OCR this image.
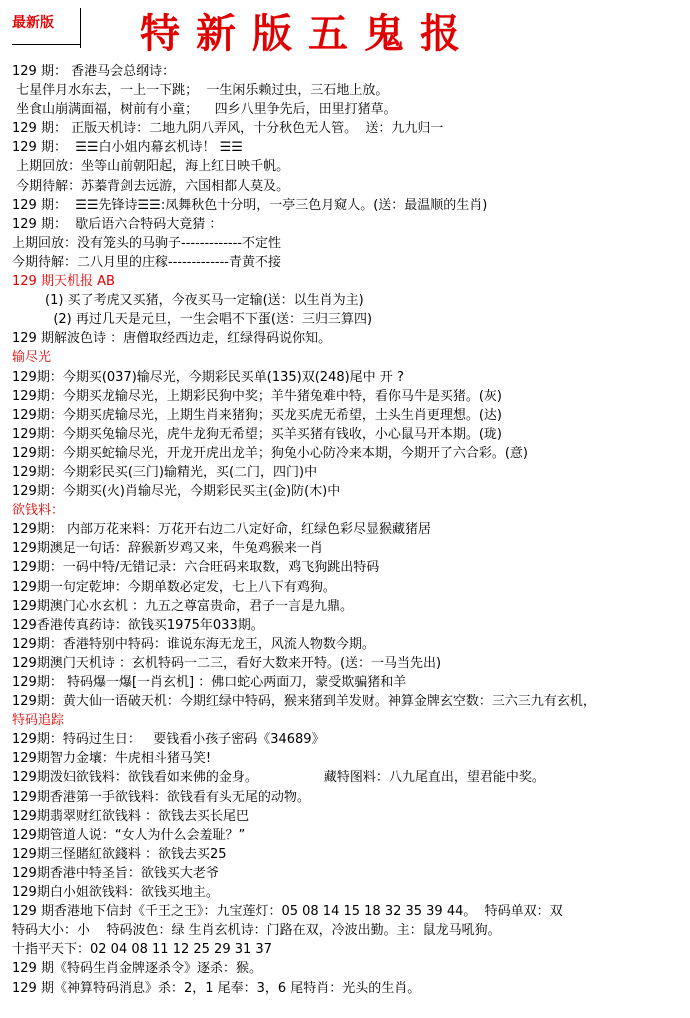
最新版 特新版五鬼报
129 期： 香港马会总纲诗：
七星伴月水东去，一上一下跳；  一生闲乐赖过虫，三石地上放。
坐食山崩满面福，树前有小童；    四乡八里争先后，田里打猪草。
129 期： 正版天机诗：二地九阴八弄风，十分秋色无人管。  送：九九归一
129 期：  ☰☰白小姐内幕玄机诗！ ☰☰
上期回放：坐等山前朝阳起，海上红日映千帆。
今期待解：苏蓁背剑去远游，六国相都人莫及。
129 期：  ☰☰先锋诗☰☰:凤舞秋色十分明，一亭三色月窥人。(送：最温顺的生肖)
129 期：  歇后语六合特码大竟猜 ：
上期回放：没有笼头的马驹子-------------不定性
今期待解：二八月里的庄稼-------------青黄不接
129 期天机报 AB
(1) 买了考虎又买猪，今夜买马一定输(送：以生肖为主)
(2) 再过几天是元旦，一生会唱不下蛋(送：三归三算四)
129 期解波色诗 ：唐僧取经西边走，红绿得码说你知。
输尽光
129期：今期买(037)输尽光，今期彩民买单(135)双(248)尾中 开 ?
129期：今期买龙输尽光，上期彩民狗中奖；羊牛猪兔难中特，看你马牛是买猪。(灰)
129期：今期买虎输尽光，上期生肖来猪狗；买龙买虎无希望，土头生肖更理想。(达)
129期：今期买兔输尽光，虎牛龙狗无希望；买羊买猪有钱收，小心鼠马开本期。(珑)
129期：今期买蛇输尽光，开龙开虎出龙羊；狗兔小心防冷来本期，今期开了六合彩。(意)
129期：今期彩民买(三门)输精光，买(二门，四门)中
129期：今期买(火)肖输尽光，今期彩民买主(金)防(木)中
欲钱料：
129期： 内部万花来料：万花开右边二八定好命，红绿色彩尽显猴藏猪居
129期澳足一句话：辞猴新岁鸡又来，牛兔鸡猴来一肖
129期：一码中特/无错记录：六合旺码来取数，鸡飞狗跳出特码
129期一句定乾坤：今期单数必定发，七上八下有鸡狗。
129期澳门心水玄机 ：九五之尊富贵命，君子一言是九鼎。
129香港传真药诗：欲钱买1975年033期。
129期：香港特别中特码：谁说东海无龙王，风流人物数今期。
129期澳门天机诗 ：玄机特码一二三，看好大数来开特。(送：一马当先出)
129期： 特码爆一爆[一肖玄机] ：佛口蛇心两面刀，蒙受欺骗猪和羊
129期：黄大仙一语破天机：今期红绿中特码，猴来猪到羊发财。神算金牌玄空数：三六三九有玄机，
特码追踪
129期：特码过生日：   要钱看小孩子密码《34689》
129期智力金壤：牛虎相斗猪马笑!
129期泼妇欲钱料：欲钱看如来佛的金身。                藏特图料：八九尾直出，望君能中奖。
129期香港第一手欲钱料：欲钱看有头无尾的动物。
129期翡翠财红欲钱料 ：欲钱去买长尾巴
129期管道人说：“女人为什么会羞耻？”
129期三怪賭紅欲錢料 ：欲钱去买25
129期香港中特圣旨：欲钱买大老爷
129期白小姐欲钱料：欲钱买地主。
129 期香港地下信封《千王之王》：九宝莲灯：05 08 14 15 18 32 35 39 44。  特码单双：双
特码大小：小    特码波色：绿 生肖玄机诗：门路在双，冷波出勤。主：鼠龙马吼狗。
十指平天下：02 04 08 11 12 25 29 31 37
129 期《特码生肖金牌逐杀令》逐杀：猴。
129 期《神算特码消息》杀：2，1 尾奉：3，6 尾特肖：光头的生肖。
